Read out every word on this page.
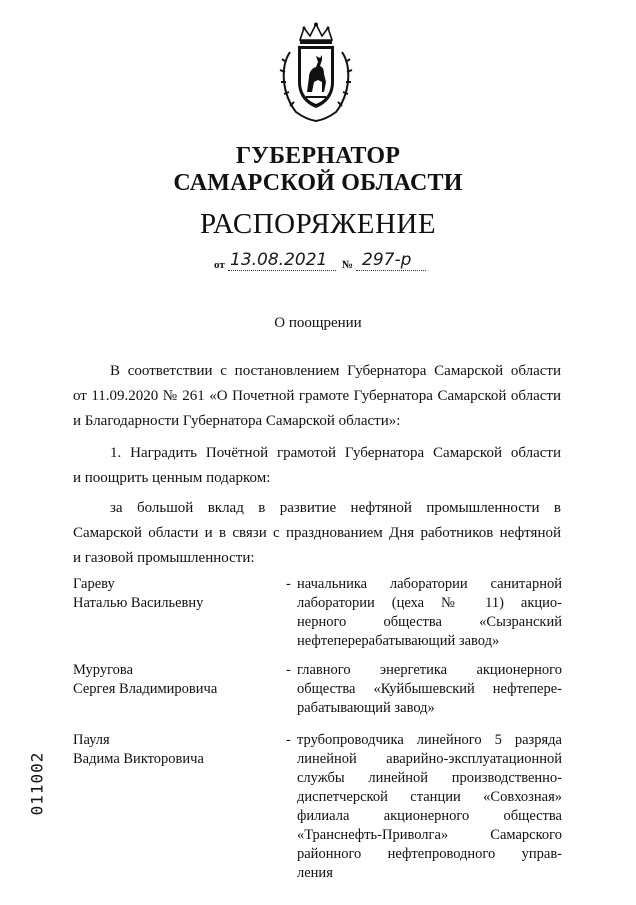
ГУБЕРНАТОР
САМАРСКОЙ ОБЛАСТИ
РАСПОРЯЖЕНИЕ
от 13.08.2021 № 297-р
О поощрении
В соответствии с постановлением Губернатора Самарской области
от 11.09.2020 № 261 «О Почетной грамоте Губернатора Самарской области
и Благодарности Губернатора Самарской области»:
1. Наградить Почётной грамотой Губернатора Самарской области
и поощрить ценным подарком:
за большой вклад в развитие нефтяной промышленности в
Самарской области и в связи с празднованием Дня работников нефтяной
и газовой промышленности:
Гареву
Наталью Васильевну
- начальника лаборатории санитарной
лаборатории (цеха № 11) акцио-
нерного общества «Сызранский
нефтеперерабатывающий завод»
Муругова
Сергея Владимировича
- главного энергетика акционерного
общества «Куйбышевский нефтепере-
рабатывающий завод»
Пауля
Вадима Викторовича
- трубопроводчика линейного 5 разряда
линейной аварийно-эксплуатационной
службы линейной производственно-
диспетчерской станции «Совхозная»
филиала акционерного общества
«Транснефть-Приволга» Самарского
районного нефтепроводного управ-
ления
011002
